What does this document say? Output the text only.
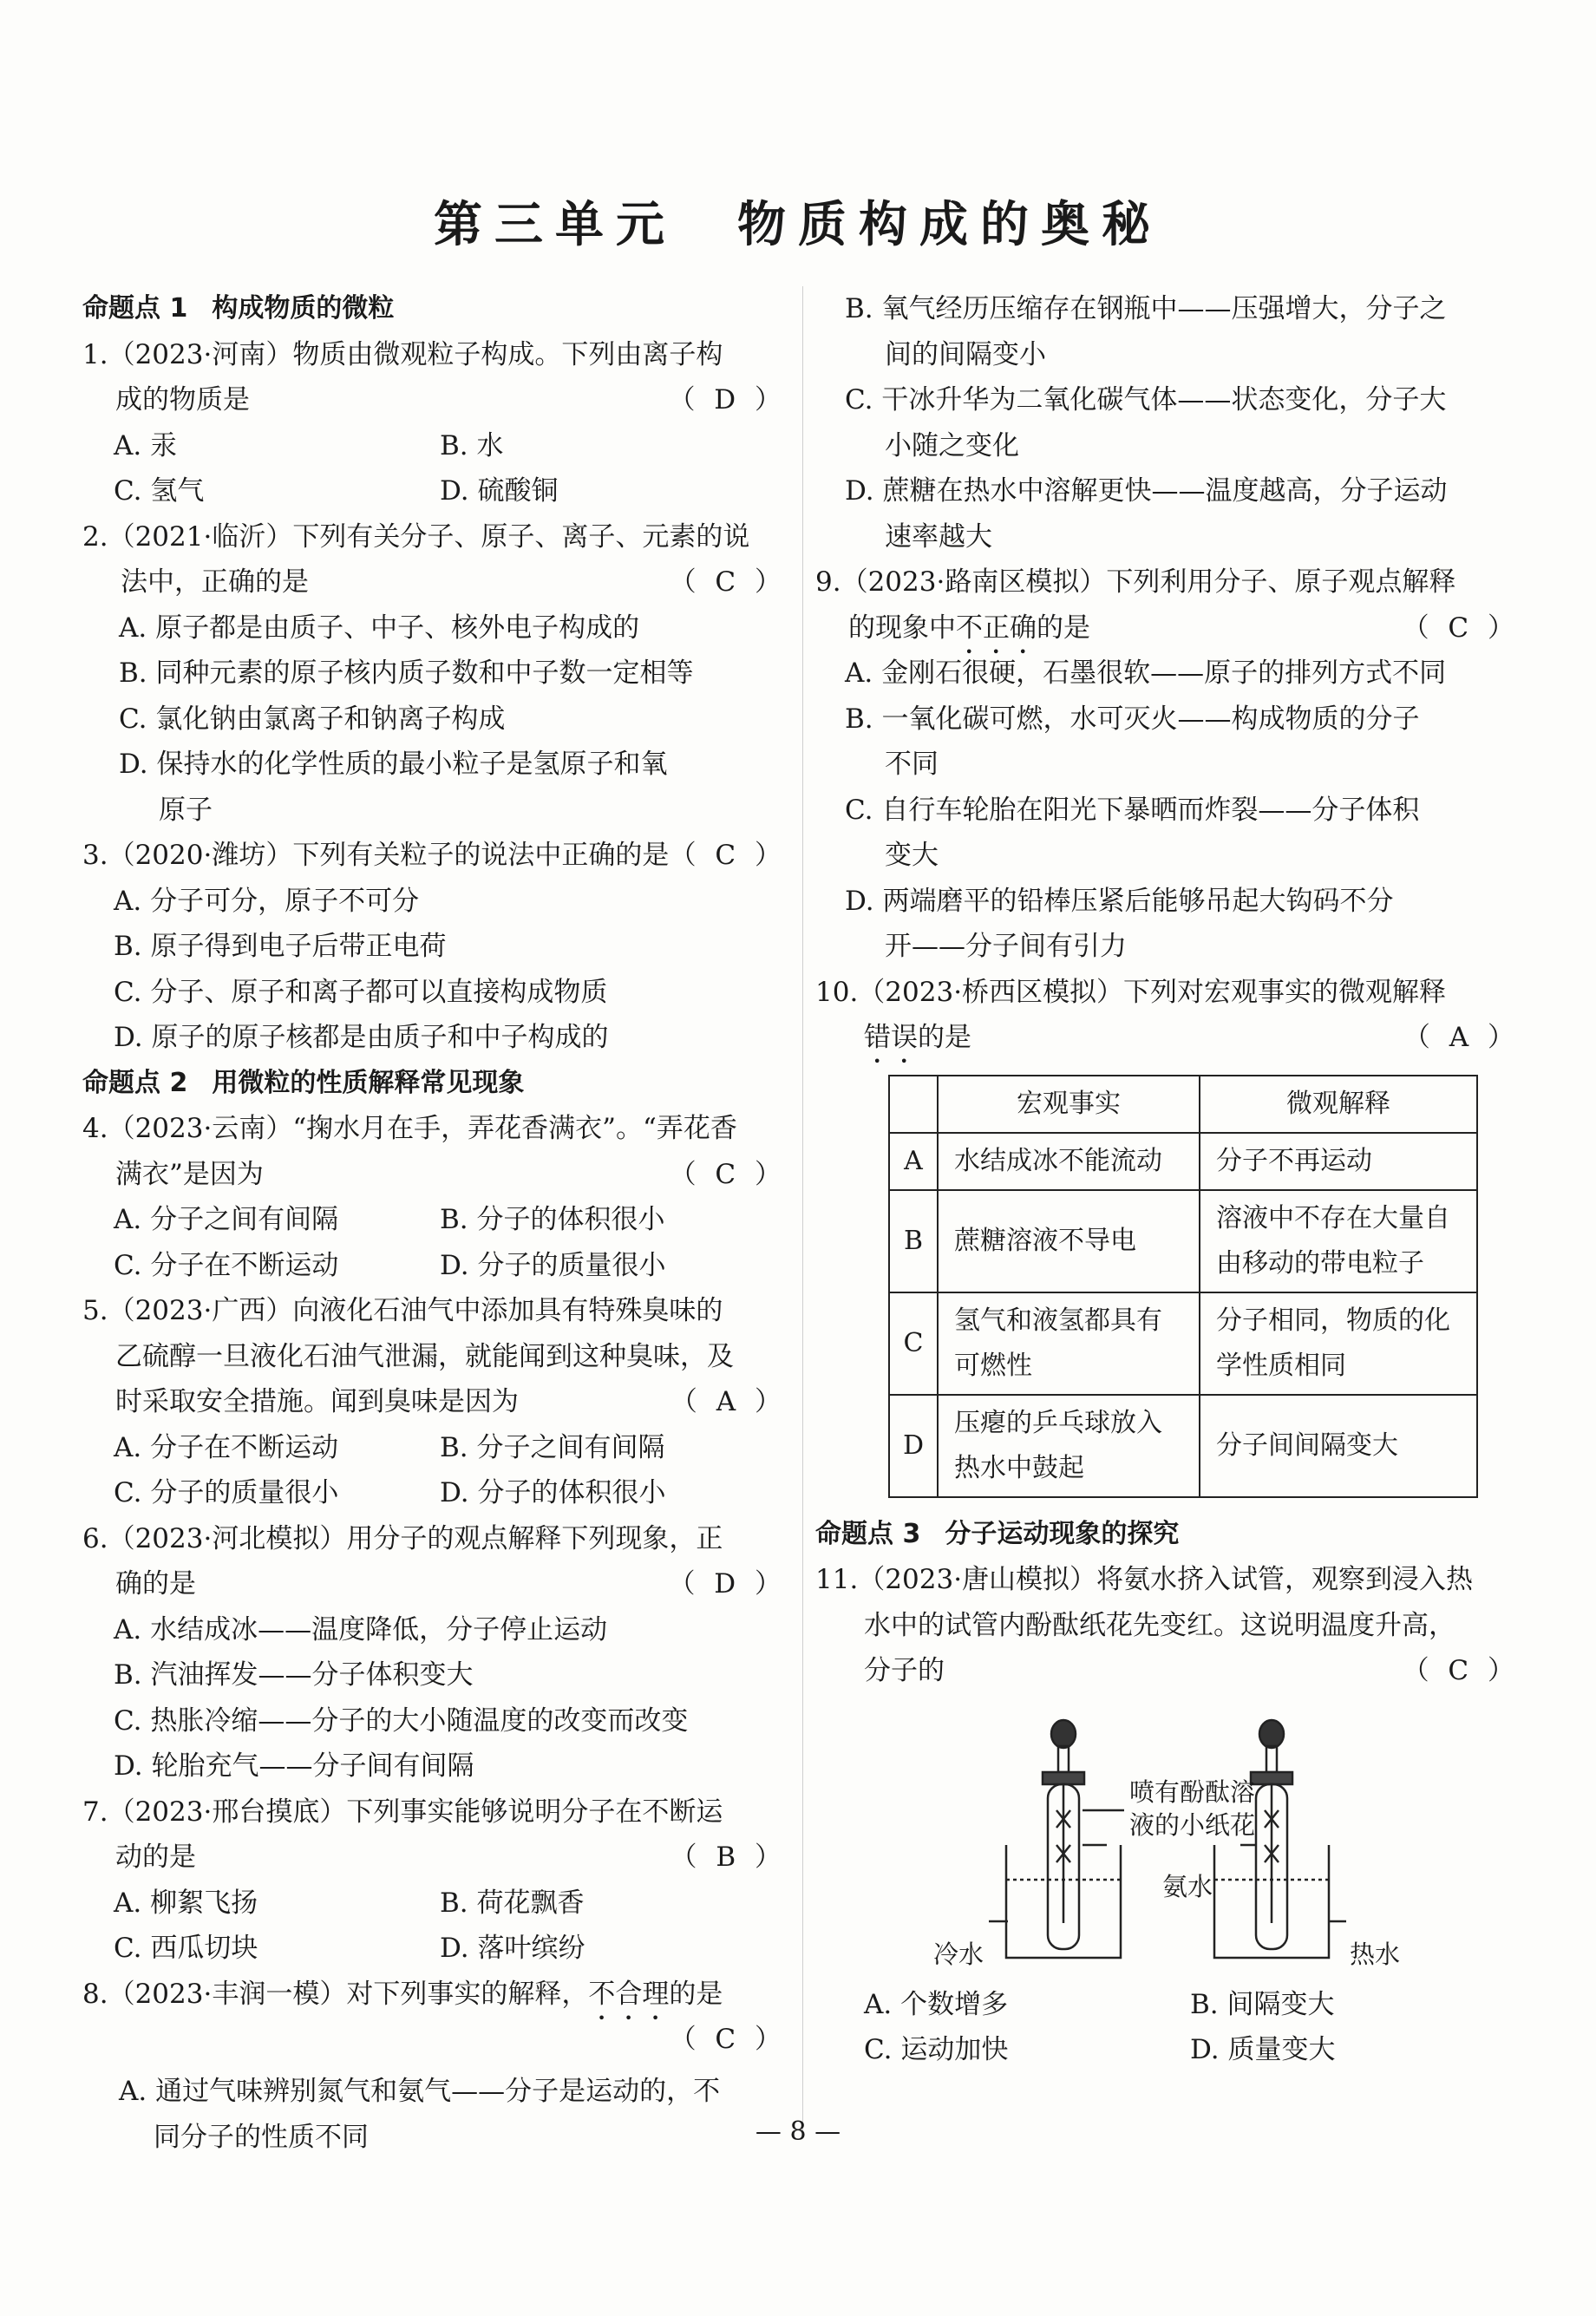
第三单元　物质构成的奥秘
命题点 1 构成物质的微粒
1.（2023·河南）物质由微观粒子构成。下列由离子构
成的物质是	（ D ）
A. 汞	B. 水
C. 氢气	D. 硫酸铜
2.（2021·临沂）下列有关分子、原子、离子、元素的说
法中，正确的是	（ C ）
A. 原子都是由质子、中子、核外电子构成的
B. 同种元素的原子核内质子数和中子数一定相等
C. 氯化钠由氯离子和钠离子构成
D. 保持水的化学性质的最小粒子是氢原子和氧
原子
3.（2020·潍坊）下列有关粒子的说法中正确的是 （ C ）
A. 分子可分，原子不可分
B. 原子得到电子后带正电荷
C. 分子、原子和离子都可以直接构成物质
D. 原子的原子核都是由质子和中子构成的
命题点 2 用微粒的性质解释常见现象
4.（2023·云南）“掬水月在手，弄花香满衣”。“弄花香
满衣”是因为	（ C ）
A. 分子之间有间隔	B. 分子的体积很小
C. 分子在不断运动	D. 分子的质量很小
5.（2023·广西）向液化石油气中添加具有特殊臭味的
乙硫醇一旦液化石油气泄漏，就能闻到这种臭味，及
时采取安全措施。闻到臭味是因为	（ A ）
A. 分子在不断运动	B. 分子之间有间隔
C. 分子的质量很小	D. 分子的体积很小
6.（2023·河北模拟）用分子的观点解释下列现象，正
确的是	（ D ）
A. 水结成冰——温度降低，分子停止运动
B. 汽油挥发——分子体积变大
C. 热胀冷缩——分子的大小随温度的改变而改变
D. 轮胎充气——分子间有间隔
7.（2023·邢台摸底）下列事实能够说明分子在不断运
动的是	（ B ）
A. 柳絮飞扬	B. 荷花飘香
C. 西瓜切块	D. 落叶缤纷
8.（2023·丰润一模）对下列事实的解释，不合理的是
（ C ）
A. 通过气味辨别氮气和氨气——分子是运动的，不
同分子的性质不同
B. 氧气经历压缩存在钢瓶中——压强增大，分子之
间的间隔变小
C. 干冰升华为二氧化碳气体——状态变化，分子大
小随之变化
D. 蔗糖在热水中溶解更快——温度越高，分子运动
速率越大
9.（2023·路南区模拟）下列利用分子、原子观点解释
的现象中不正确的是	（ C ）
A. 金刚石很硬，石墨很软——原子的排列方式不同
B. 一氧化碳可燃，水可灭火——构成物质的分子
不同
C. 自行车轮胎在阳光下暴晒而炸裂——分子体积
变大
D. 两端磨平的铅棒压紧后能够吊起大钩码不分
开——分子间有引力
10.（2023·桥西区模拟）下列对宏观事实的微观解释
错误的是	（ A ）
	宏观事实	微观解释
A	水结成冰不能流动	分子不再运动
B	蔗糖溶液不导电	溶液中不存在大量自由移动的带电粒子
C	氢气和液氢都具有可燃性	分子相同，物质的化学性质相同
D	压瘪的乒乓球放入热水中鼓起	分子间间隔变大
命题点 3 分子运动现象的探究
11.（2023·唐山模拟）将氨水挤入试管，观察到浸入热
水中的试管内酚酞纸花先变红。这说明温度升高，
分子的	（ C ）
喷有酚酞溶
液的小纸花
氨水
冷水	热水
A. 个数增多	B. 间隔变大
C. 运动加快	D. 质量变大
— 8 —
